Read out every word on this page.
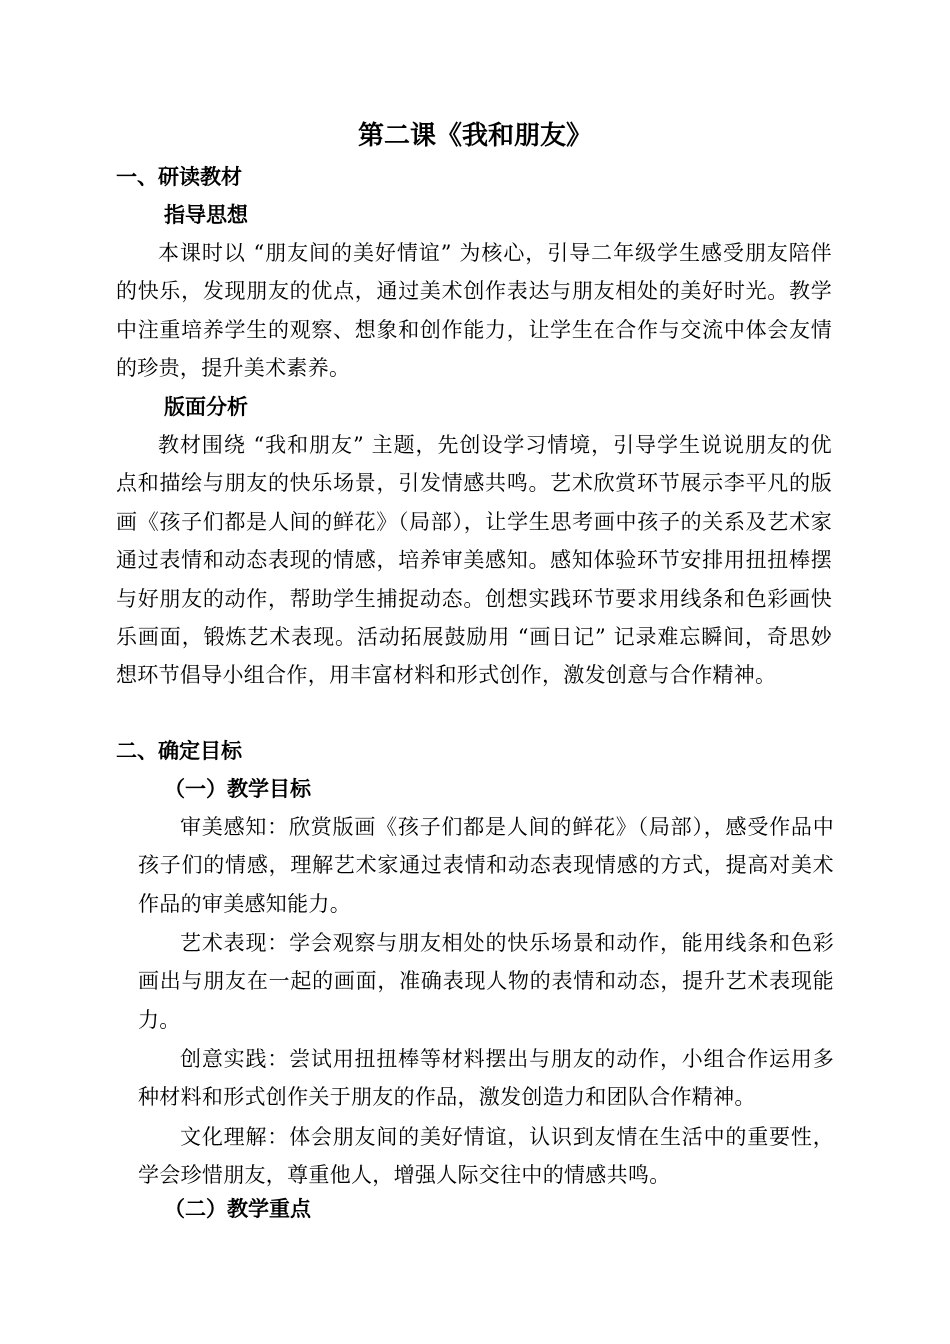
第二课《我和朋友》
一、研读教材
指导思想

本课时以 “朋友间的美好情谊” 为核心，引导二年级学生感受朋友陪伴的快乐，发现朋友的优点，通过美术创作表达与朋友相处的美好时光。教学中注重培养学生的观察、想象和创作能力，让学生在合作与交流中体会友情的珍贵，提升美术素养。

版面分析

教材围绕 “我和朋友” 主题，先创设学习情境，引导学生说说朋友的优点和描绘与朋友的快乐场景，引发情感共鸣。艺术欣赏环节展示李平凡的版画《孩子们都是人间的鲜花》（局部），让学生思考画中孩子的关系及艺术家通过表情和动态表现的情感，培养审美感知。感知体验环节安排用扭扭棒摆与好朋友的动作，帮助学生捕捉动态。创想实践环节要求用线条和色彩画快乐画面，锻炼艺术表现。活动拓展鼓励用 “画日记” 记录难忘瞬间，奇思妙想环节倡导小组合作，用丰富材料和形式创作，激发创意与合作精神。

二、确定目标
（一）教学目标

审美感知：欣赏版画《孩子们都是人间的鲜花》（局部），感受作品中孩子们的情感，理解艺术家通过表情和动态表现情感的方式，提高对美术作品的审美感知能力。

艺术表现：学会观察与朋友相处的快乐场景和动作，能用线条和色彩画出与朋友在一起的画面，准确表现人物的表情和动态，提升艺术表现能力。

创意实践：尝试用扭扭棒等材料摆出与朋友的动作，小组合作运用多种材料和形式创作关于朋友的作品，激发创造力和团队合作精神。

文化理解：体会朋友间的美好情谊，认识到友情在生活中的重要性，学会珍惜朋友，尊重他人，增强人际交往中的情感共鸣。

（二）教学重点
